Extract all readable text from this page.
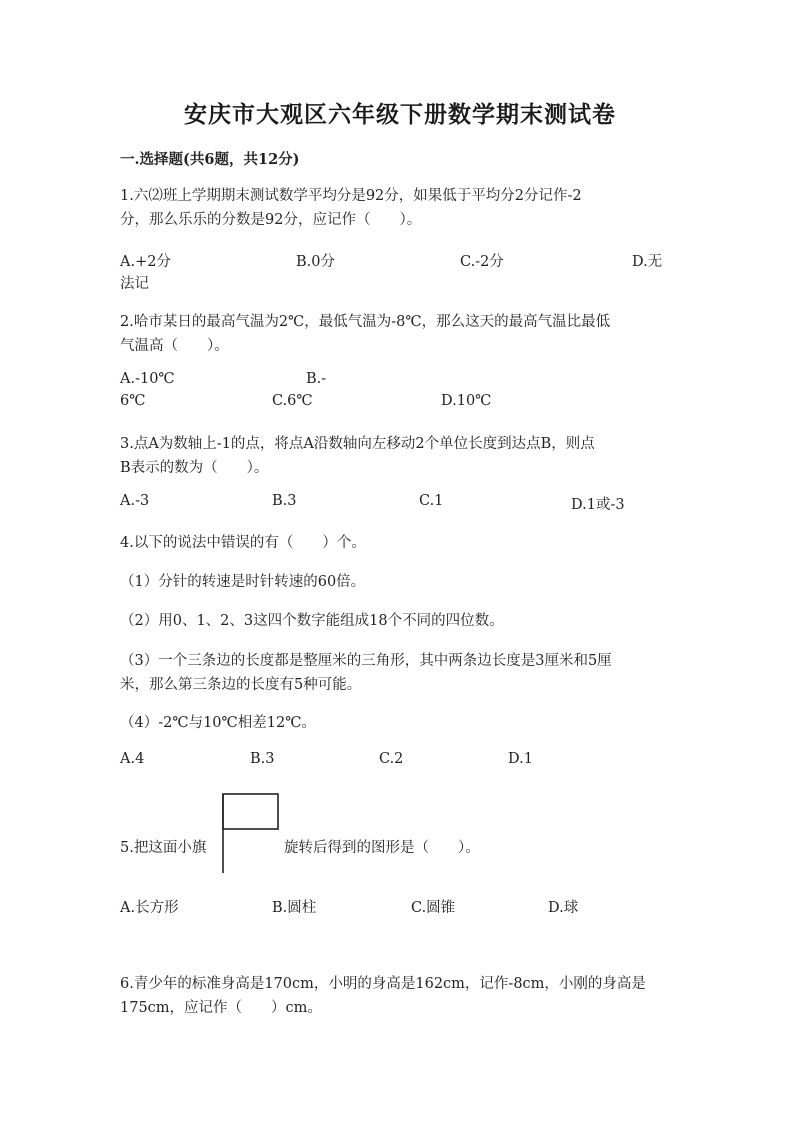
安庆市大观区六年级下册数学期末测试卷
一.选择题(共6题，共12分)
1.六⑵班上学期期末测试数学平均分是92分，如果低于平均分2分记作-2
分，那么乐乐的分数是92分，应记作（　　）。
A.+2分	B.0分	C.-2分	D.无
法记
2.哈市某日的最高气温为2℃，最低气温为-8℃，那么这天的最高气温比最低
气温高（　　）。
A.-10℃	B.-
6℃	C.6℃	D.10℃
3.点A为数轴上-1的点，将点A沿数轴向左移动2个单位长度到达点B，则点
B表示的数为（　　）。
A.-3	B.3	C.1	D.1或-3
4.以下的说法中错误的有（　　）个。
（1）分针的转速是时针转速的60倍。
（2）用0、1、2、3这四个数字能组成18个不同的四位数。
（3）一个三条边的长度都是整厘米的三角形，其中两条边长度是3厘米和5厘
米，那么第三条边的长度有5种可能。
（4）-2℃与10℃相差12℃。
A.4	B.3	C.2	D.1
5.把这面小旗	旋转后得到的图形是（　　）。
A.长方形	B.圆柱	C.圆锥	D.球
6.青少年的标准身高是170cm，小明的身高是162cm，记作-8cm，小刚的身高是
175cm，应记作（　　）cm。
